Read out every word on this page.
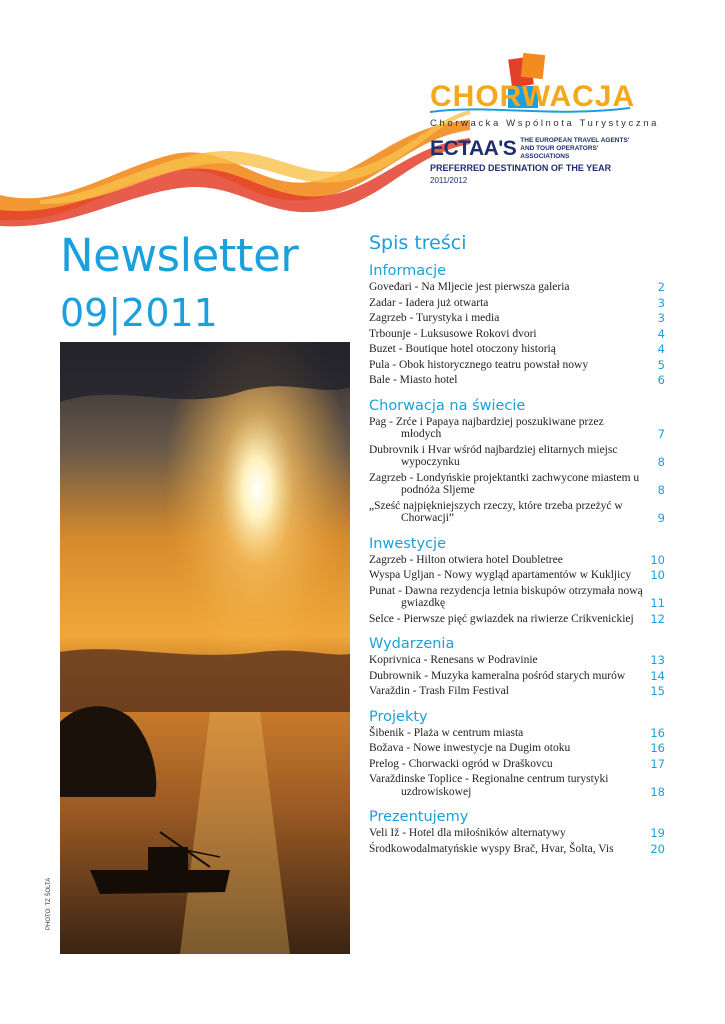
CHORWACJA
Chorwacka Wspólnota Turystyczna
ECTAA'S THE EUROPEAN TRAVEL AGENTS'
AND TOUR OPERATORS' ASSOCIATIONS
PREFERRED DESTINATION OF THE YEAR
2011/2012
Newsletter
09|2011
PHOTO: TZ ŠOLTA
Spis treści
Informacje
Goveđari - Na Mljecie jest pierwsza galeria	2
Zadar - Iadera już otwarta	3
Zagrzeb - Turystyka i media	3
Trbounje - Luksusowe Rokovi dvori	4
Buzet - Boutique hotel otoczony historią	4
Pula - Obok historycznego teatru powstał nowy	5
Bale - Miasto hotel	6
Chorwacja na świecie
Pag - Zrće i Papaya najbardziej poszukiwane przez młodych	7
Dubrovnik i Hvar wśród najbardziej elitarnych miejsc wypoczynku	8
Zagrzeb - Londyńskie projektantki zachwycone miastem u podnóża Sljeme	8
„Sześć najpiękniejszych rzeczy, które trzeba przeżyć w Chorwacji”	9
Inwestycje
Zagrzeb - Hilton otwiera hotel Doubletree	10
Wyspa Ugljan - Nowy wygląd apartamentów w Kukljicy	10
Punat - Dawna rezydencja letnia biskupów otrzymała nową gwiazdkę	11
Selce - Pierwsze pięć gwiazdek na riwierze Crikvenickiej	12
Wydarzenia
Koprivnica - Renesans w Podravinie	13
Dubrownik - Muzyka kameralna pośród starych murów	14
Varaždin - Trash Film Festival	15
Projekty
Šibenik - Plaża w centrum miasta	16
Božava - Nowe inwestycje na Dugim otoku	16
Prelog - Chorwacki ogród w Draškovcu	17
Varaždinske Toplice - Regionalne centrum turystyki uzdrowiskowej	18
Prezentujemy
Veli Iž - Hotel dla miłośników alternatywy	19
Środkowodalmatyńskie wyspy Brač, Hvar, Šolta, Vis	20
